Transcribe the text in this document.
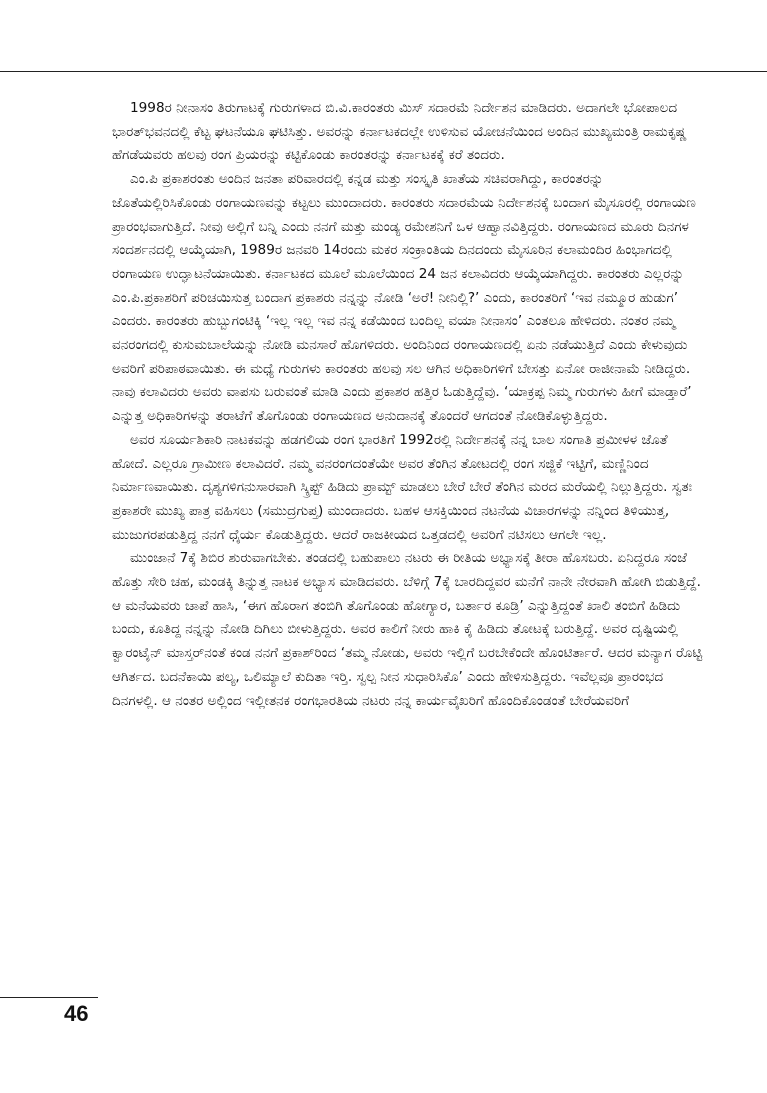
1998ರ ನೀನಾಸಂ ತಿರುಗಾಟಕ್ಕೆ ಗುರುಗಳಾದ ಬಿ.ವಿ.ಕಾರಂತರು ಮಿಸ್ ಸದಾರಮೆ ನಿರ್ದೇಶನ ಮಾಡಿದರು. ಅದಾಗಲೇ ಭೋಪಾಲದ ಭಾರತ್‌ಭವನದಲ್ಲಿ ಕೆಟ್ಟ ಘಟನೆಯೂ ಘಟಿಸಿತ್ತು. ಅವರನ್ನು ಕರ್ನಾಟಕದಲ್ಲೇ ಉಳಿಸುವ ಯೋಚನೆಯಿಂದ ಅಂದಿನ ಮುಖ್ಯಮಂತ್ರಿ ರಾಮಕೃಷ್ಣ ಹೆಗಡೆಯವರು ಹಲವು ರಂಗ ಪ್ರಿಯರನ್ನು ಕಟ್ಟಿಕೊಂಡು ಕಾರಂತರನ್ನು ಕರ್ನಾಟಕಕ್ಕೆ ಕರೆ ತಂದರು.

ಎಂ.ಪಿ ಪ್ರಕಾಶರಂತು ಅಂದಿನ ಜನತಾ ಪರಿವಾರದಲ್ಲಿ ಕನ್ನಡ ಮತ್ತು ಸಂಸ್ಕೃತಿ ಖಾತೆಯ ಸಚಿವರಾಗಿದ್ದು, ಕಾರಂತರನ್ನು ಜೊತೆಯಲ್ಲಿರಿಸಿಕೊಂಡು ರಂಗಾಯಣವನ್ನು ಕಟ್ಟಲು ಮುಂದಾದರು. ಕಾರಂತರು ಸದಾರಮೆಯ ನಿರ್ದೇಶನಕ್ಕೆ ಬಂದಾಗ ಮೈಸೂರಲ್ಲಿ ರಂಗಾಯಣ ಪ್ರಾರಂಭವಾಗುತ್ತಿದೆ. ನೀವು ಅಲ್ಲಿಗೆ ಬನ್ನಿ ಎಂದು ನನಗೆ ಮತ್ತು ಮಂಡ್ಯ ರಮೇಶನಿಗೆ ಒಳ ಆಹ್ವಾನವಿತ್ತಿದ್ದರು. ರಂಗಾಯಣದ ಮೂರು ದಿನಗಳ ಸಂದರ್ಶನದಲ್ಲಿ ಆಯ್ಕೆಯಾಗಿ, 1989ರ ಜನವರಿ 14ರಂದು ಮಕರ ಸಂಕ್ರಾಂತಿಯ ದಿನದಂದು ಮೈಸೂರಿನ ಕಲಾಮಂದಿರ ಹಿಂಭಾಗದಲ್ಲಿ ರಂಗಾಯಣ ಉದ್ಘಾಟನೆಯಾಯಿತು. ಕರ್ನಾಟಕದ ಮೂಲೆ ಮೂಲೆಯಿಂದ 24 ಜನ ಕಲಾವಿದರು ಆಯ್ಕೆಯಾಗಿದ್ದರು. ಕಾರಂತರು ಎಲ್ಲರನ್ನು ಎಂ.ಪಿ.ಪ್ರಕಾಶರಿಗೆ ಪರಿಚಯಿಸುತ್ತ ಬಂದಾಗ ಪ್ರಕಾಶರು ನನ್ನನ್ನು ನೋಡಿ ‘ಅರೆ! ನೀನಿಲ್ಲಿ?’ ಎಂದು, ಕಾರಂತರಿಗೆ ‘ಇವ ನಮ್ಮೂರ ಹುಡುಗ’ ಎಂದರು. ಕಾರಂತರು ಹುಬ್ಬುಗಂಟಿಕ್ಕಿ ‘ಇಲ್ಲ ಇಲ್ಲ ಇವ ನನ್ನ ಕಡೆಯಿಂದ ಬಂದಿಲ್ಲ ವಯಾ ನೀನಾಸಂ’ ಎಂತಲೂ ಹೇಳಿದರು. ನಂತರ ನಮ್ಮ ವನರಂಗದಲ್ಲಿ ಕುಸುಮಬಾಲೆಯನ್ನು ನೋಡಿ ಮನಸಾರೆ ಹೊಗಳಿದರು. ಅಂದಿನಿಂದ ರಂಗಾಯಣದಲ್ಲಿ ಏನು ನಡೆಯುತ್ತಿದೆ ಎಂದು ಕೇಳುವುದು ಅವರಿಗೆ ಪರಿಪಾಠವಾಯಿತು. ಈ ಮಧ್ಯೆ ಗುರುಗಳು ಕಾರಂತರು ಹಲವು ಸಲ ಆಗಿನ ಅಧಿಕಾರಿಗಳಿಗೆ ಬೇಸತ್ತು ಏನೋ ರಾಜೀನಾಮೆ ನೀಡಿದ್ದರು. ನಾವು ಕಲಾವಿದರು ಅವರು ವಾಪಸು ಬರುವಂತೆ ಮಾಡಿ ಎಂದು ಪ್ರಕಾಶರ ಹತ್ತಿರ ಓಡುತ್ತಿದ್ದೆವು. ‘ಯಾಕ್ರಪ್ಪ ನಿಮ್ಮ ಗುರುಗಳು ಹೀಗೆ ಮಾಡ್ತಾರೆ’ ಎನ್ನುತ್ತ ಅಧಿಕಾರಿಗಳನ್ನು ತರಾಟೆಗೆ ತೊಗೊಂಡು ರಂಗಾಯಣದ ಅನುದಾನಕ್ಕೆ ತೊಂದರೆ ಆಗದಂತೆ ನೋಡಿಕೊಳ್ಳುತ್ತಿದ್ದರು.

ಅವರ ಸೂರ್ಯಶಿಕಾರಿ ನಾಟಕವನ್ನು ಹಡಗಲಿಯ ರಂಗ ಭಾರತಿಗೆ 1992ರಲ್ಲಿ ನಿರ್ದೇಶನಕ್ಕೆ ನನ್ನ ಬಾಲ ಸಂಗಾತಿ ಪ್ರಮೀಳಳ ಜೊತೆ ಹೋದೆ. ಎಲ್ಲರೂ ಗ್ರಾಮೀಣ ಕಲಾವಿದರೆ. ನಮ್ಮ ವನರಂಗದಂತೆಯೇ ಅವರ ತೆಂಗಿನ ತೋಟದಲ್ಲಿ ರಂಗ ಸಜ್ಜಿಕೆ ಇಟ್ಟಿಗೆ, ಮಣ್ಣಿನಿಂದ ನಿರ್ಮಾಣವಾಯಿತು. ದೃಶ್ಯಗಳಿಗನುಸಾರವಾಗಿ ಸ್ಕ್ರಿಪ್ಟ್ ಹಿಡಿದು ಪ್ರಾಮ್ಟ್ ಮಾಡಲು ಬೇರೆ ಬೇರೆ ತೆಂಗಿನ ಮರದ ಮರೆಯಲ್ಲಿ ನಿಲ್ಲುತ್ತಿದ್ದರು. ಸ್ವತಃ ಪ್ರಕಾಶರೇ ಮುಖ್ಯ ಪಾತ್ರ ವಹಿಸಲು (ಸಮುದ್ರಗುಪ್ತ) ಮುಂದಾದರು. ಬಹಳ ಆಸಕ್ತಿಯಿಂದ ನಟನೆಯ ವಿಚಾರಗಳನ್ನು ನನ್ನಿಂದ ತಿಳಿಯುತ್ತ, ಮುಜುಗರಪಡುತ್ತಿದ್ದ ನನಗೆ ಧೈರ್ಯ ಕೊಡುತ್ತಿದ್ದರು. ಆದರೆ ರಾಜಕೀಯದ ಒತ್ತಡದಲ್ಲಿ ಅವರಿಗೆ ನಟಿಸಲು ಆಗಲೇ ಇಲ್ಲ.

ಮುಂಜಾನೆ 7ಕ್ಕೆ ಶಿಬಿರ ಶುರುವಾಗಬೇಕು. ತಂಡದಲ್ಲಿ ಬಹುಪಾಲು ನಟರು ಈ ರೀತಿಯ ಅಭ್ಯಾಸಕ್ಕೆ ತೀರಾ ಹೊಸಬರು. ಏನಿದ್ದರೂ ಸಂಜೆ ಹೊತ್ತು ಸೇರಿ ಚಹ, ಮಂಡಕ್ಕಿ ತಿನ್ನುತ್ತ ನಾಟಕ ಅಭ್ಯಾಸ ಮಾಡಿದವರು. ಬೆಳಿಗ್ಗೆ 7ಕ್ಕೆ ಬಾರದಿದ್ದವರ ಮನೆಗೆ ನಾನೇ ನೇರವಾಗಿ ಹೋಗಿ ಬಿಡುತ್ತಿದ್ದೆ. ಆ ಮನೆಯವರು ಚಾಪೆ ಹಾಸಿ, ‘ಈಗ ಹೊರಾಗ ತಂಬಿಗಿ ತೊಗೊಂಡು ಹೋಗ್ಯಾರ, ಬರ್ತಾರ ಕೂಡ್ರಿ’ ಎನ್ನುತ್ತಿದ್ದಂತೆ ಖಾಲಿ ತಂಬಿಗೆ ಹಿಡಿದು ಬಂದು, ಕೂತಿದ್ದ ನನ್ನನ್ನು ನೋಡಿ ದಿಗಿಲು ಬೀಳುತ್ತಿದ್ದರು. ಅವರ ಕಾಲಿಗೆ ನೀರು ಹಾಕಿ ಕೈ ಹಿಡಿದು ತೋಟಕ್ಕೆ ಬರುತ್ತಿದ್ದೆ. ಅವರ ದೃಷ್ಟಿಯಲ್ಲಿ ಕ್ವಾರಂಟೈನ್ ಮಾಸ್ತರ್‌ನಂತೆ ಕಂಡ ನನಗೆ ಪ್ರಕಾಶ್‌ರಿಂದ ‘ತಮ್ಮ ನೋಡು, ಅವರು ಇಲ್ಲಿಗೆ ಬರಬೇಕೆಂದೇ ಹೊಂಟಿರ್ತಾರೆ. ಆದರ ಮನ್ಯಾಗ ರೊಟ್ಟಿ ಆಗಿರ್ತದ. ಬದನೆಕಾಯಿ ಪಲ್ಯ, ಒಲಿಮ್ಯಾಲೆ ಕುದಿತಾ ಇರ್‍ತಿ. ಸ್ವಲ್ಪ ನೀನ ಸುಧಾರಿಸಿಕೊ’ ಎಂದು ಹೇಳಿಸುತ್ತಿದ್ದರು. ಇವೆಲ್ಲವೂ ಪ್ರಾರಂಭದ ದಿನಗಳಲ್ಲಿ. ಆ ನಂತರ ಅಲ್ಲಿಂದ ಇಲ್ಲೀತನಕ ರಂಗಭಾರತಿಯ ನಟರು ನನ್ನ ಕಾರ್ಯವೈಖರಿಗೆ ಹೊಂದಿಕೊಂಡಂತೆ ಬೇರೆಯವರಿಗೆ

46
